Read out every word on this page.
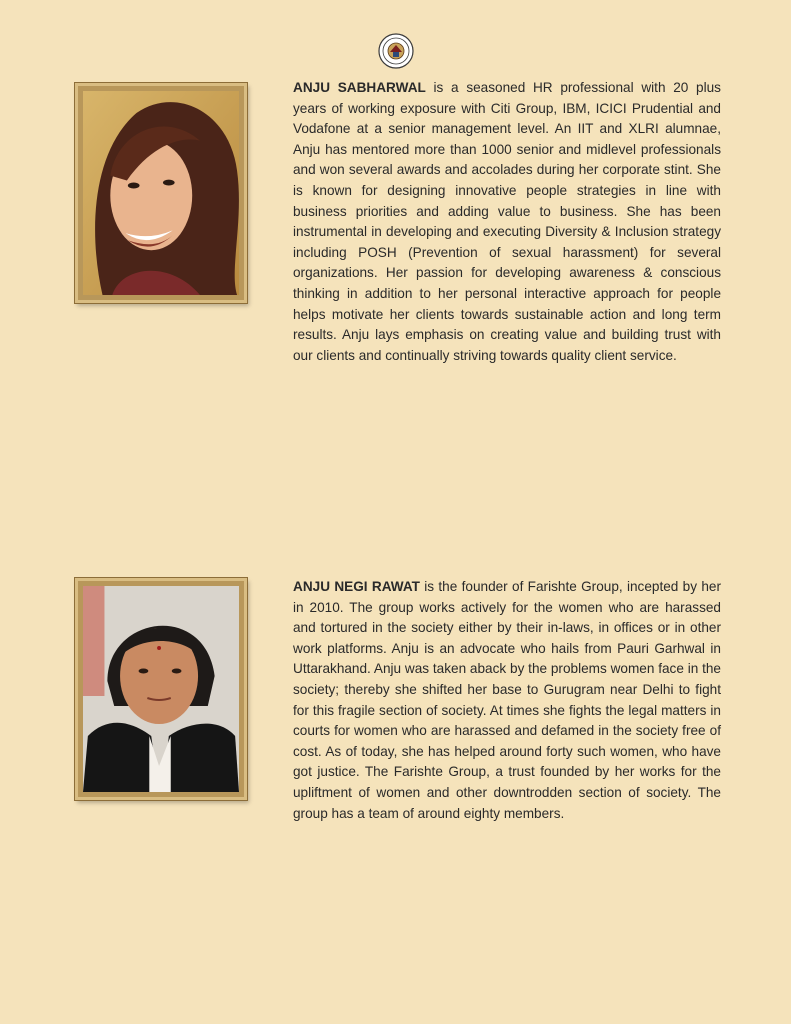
ANJU SABHARWAL is a seasoned HR professional with 20 plus years of working exposure with Citi Group, IBM, ICICI Prudential and Vodafone at a senior management level. An IIT and XLRI alumnae, Anju has mentored more than 1000 senior and midlevel professionals and won several awards and accolades during her corporate stint. She is known for designing innovative people strategies in line with business priorities and adding value to business. She has been instrumental in developing and executing Diversity & Inclusion strategy including POSH (Prevention of sexual harassment) for several organizations. Her passion for developing awareness & conscious thinking in addition to her personal interactive approach for people helps motivate her clients towards sustainable action and long term results. Anju lays emphasis on creating value and building trust with our clients and continually striving towards quality client service.

ANJU NEGI RAWAT is the founder of Farishte Group, incepted by her in 2010. The group works actively for the women who are harassed and tortured in the society either by their in-laws, in offices or in other work platforms. Anju is an advocate who hails from Pauri Garhwal in Uttarakhand. Anju was taken aback by the problems women face in the society; thereby she shifted her base to Gurugram near Delhi to fight for this fragile section of society. At times she fights the legal matters in courts for women who are harassed and defamed in the society free of cost. As of today, she has helped around forty such women, who have got justice. The Farishte Group, a trust founded by her works for the upliftment of women and other downtrodden section of society. The group has a team of around eighty members.
